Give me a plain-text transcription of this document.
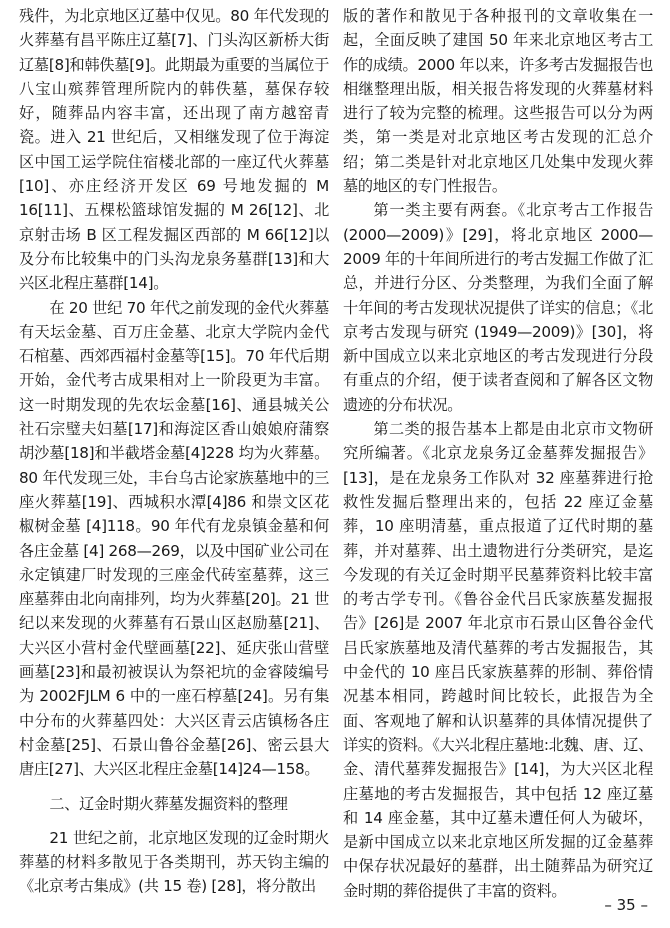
残件，为北京地区辽墓中仅见。80 年代发现的火葬墓有昌平陈庄辽墓[7]、门头沟区新桥大街辽墓[8]和韩佚墓[9]。此期最为重要的当属位于八宝山殡葬管理所院内的韩佚墓，墓保存较好，随葬品内容丰富，还出现了南方越窑青瓷。进入 21 世纪后，又相继发现了位于海淀区中国工运学院住宿楼北部的一座辽代火葬墓 [10]、亦庄经济开发区 69 号地发掘的 M 16[11]、五棵松篮球馆发掘的 M 26[12]、北京射击场 B 区工程发掘区西部的 M 66[12]以及分布比较集中的门头沟龙泉务墓群[13]和大兴区北程庄墓群[14]。

在 20 世纪 70 年代之前发现的金代火葬墓有天坛金墓、百万庄金墓、北京大学院内金代石棺墓、西郊西福村金墓等[15]。70 年代后期开始，金代考古成果相对上一阶段更为丰富。这一时期发现的先农坛金墓[16]、通县城关公社石宗璧夫妇墓[17]和海淀区香山娘娘府蒲察胡沙墓[18]和半截塔金墓[4]228 均为火葬墓。80 年代发现三处，丰台乌古论家族墓地中的三座火葬墓[19]、西城积水潭[4]86 和崇文区花椒树金墓 [4]118。90 年代有龙泉镇金墓和何各庄金墓 [4] 268—269，以及中国矿业公司在永定镇建厂时发现的三座金代砖室墓葬，这三座墓葬由北向南排列，均为火葬墓[20]。21 世纪以来发现的火葬墓有石景山区赵励墓[21]、大兴区小营村金代壁画墓[22]、延庆张山营壁画墓[23]和最初被误认为祭祀坑的金睿陵编号为 2002FJLM 6 中的一座石椁墓[24]。另有集中分布的火葬墓四处：大兴区青云店镇杨各庄村金墓[25]、石景山鲁谷金墓[26]、密云县大唐庄[27]、大兴区北程庄金墓[14]24—158。

二、辽金时期火葬墓发掘资料的整理

21 世纪之前，北京地区发现的辽金时期火葬墓的材料多散见于各类期刊，苏天钧主编的《北京考古集成》(共 15 卷) [28]，将分散出

版的著作和散见于各种报刊的文章收集在一起，全面反映了建国 50 年来北京地区考古工作的成绩。2000 年以来，许多考古发掘报告也相继整理出版，相关报告将发现的火葬墓材料进行了较为完整的梳理。这些报告可以分为两类，第一类是对北京地区考古发现的汇总介绍；第二类是针对北京地区几处集中发现火葬墓的地区的专门性报告。

第一类主要有两套。《北京考古工作报告 (2000—2009)》[29]，将北京地区 2000—2009 年的十年间所进行的考古发掘工作做了汇总，并进行分区、分类整理，为我们全面了解十年间的考古发现状况提供了详实的信息；《北京考古发现与研究 (1949—2009)》[30]，将新中国成立以来北京地区的考古发现进行分段有重点的介绍，便于读者查阅和了解各区文物遗迹的分布状况。

第二类的报告基本上都是由北京市文物研究所编著。《北京龙泉务辽金墓葬发掘报告》[13]，是在龙泉务工作队对 32 座墓葬进行抢救性发掘后整理出来的，包括 22 座辽金墓葬，10 座明清墓，重点报道了辽代时期的墓葬，并对墓葬、出土遗物进行分类研究，是迄今发现的有关辽金时期平民墓葬资料比较丰富的考古学专刊。《鲁谷金代吕氏家族墓发掘报告》[26]是 2007 年北京市石景山区鲁谷金代吕氏家族墓地及清代墓葬的考古发掘报告，其中金代的 10 座吕氏家族墓葬的形制、葬俗情况基本相同，跨越时间比较长，此报告为全面、客观地了解和认识墓葬的具体情况提供了详实的资料。《大兴北程庄墓地:北魏、唐、辽、金、清代墓葬发掘报告》[14]，为大兴区北程庄墓地的考古发掘报告，其中包括 12 座辽墓和 14 座金墓，其中辽墓未遭任何人为破坏，是新中国成立以来北京地区所发掘的辽金墓葬中保存状况最好的墓群，出土随葬品为研究辽金时期的葬俗提供了丰富的资料。

– 35 –
